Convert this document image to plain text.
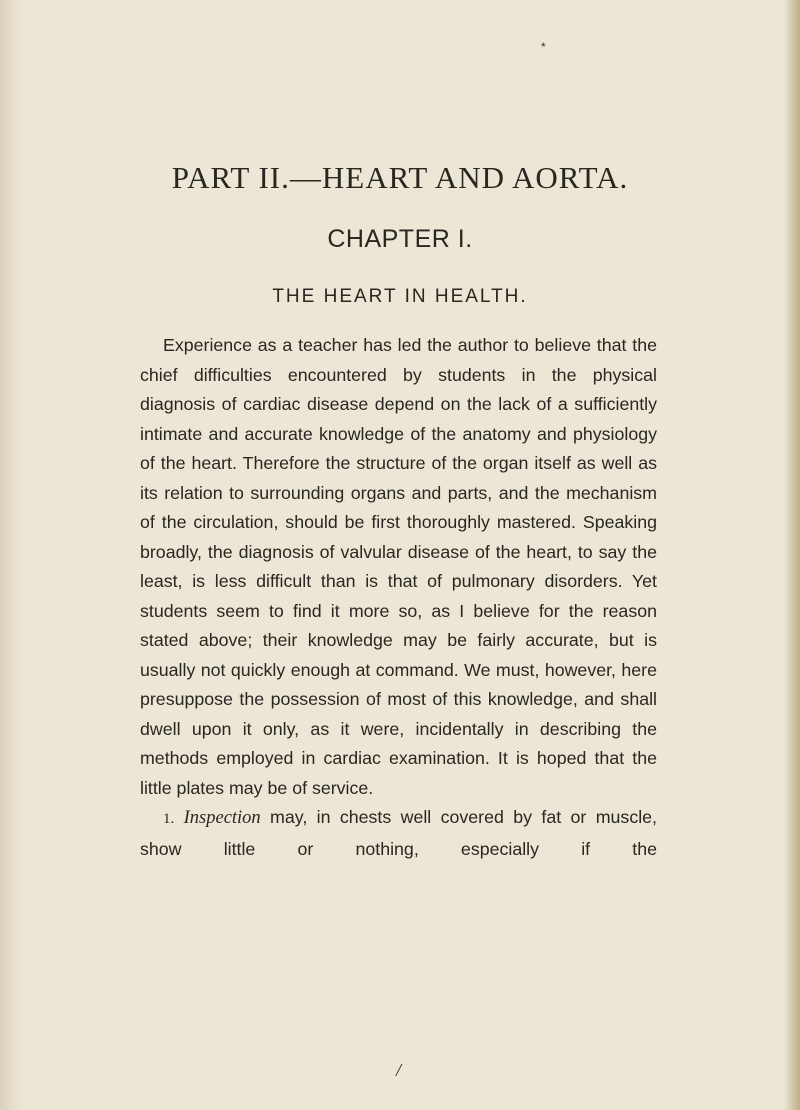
*
PART II.—HEART AND AORTA.
CHAPTER I.
THE HEART IN HEALTH.

Experience as a teacher has led the author to believe that the chief difficulties encountered by students in the physical diagnosis of cardiac disease depend on the lack of a sufficiently intimate and accurate knowledge of the anatomy and physiology of the heart. Therefore the structure of the organ itself as well as its relation to surrounding organs and parts, and the mechanism of the circulation, should be first thoroughly mastered. Speaking broadly, the diagnosis of valvular disease of the heart, to say the least, is less difficult than is that of pulmonary disorders. Yet students seem to find it more so, as I believe for the reason stated above; their knowledge may be fairly accurate, but is usually not quickly enough at command. We must, however, here presuppose the possession of most of this knowledge, and shall dwell upon it only, as it were, incidentally in describing the methods employed in cardiac examination. It is hoped that the little plates may be of service.

1. Inspection may, in chests well covered by fat or muscle, show little or nothing, especially if the

/
